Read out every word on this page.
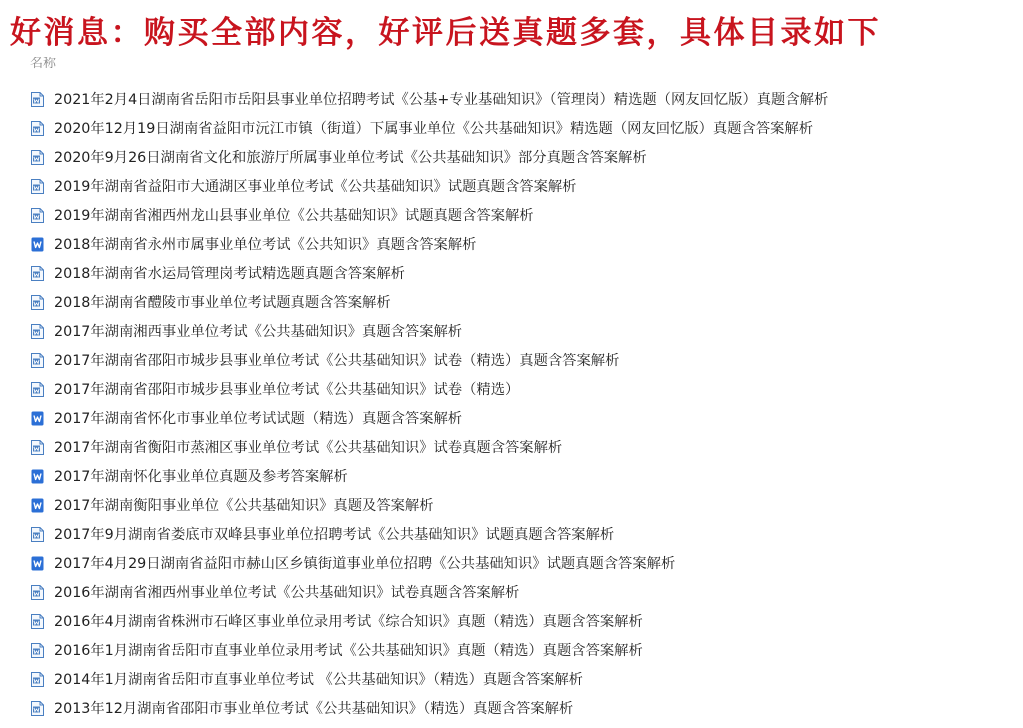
好消息：购买全部内容，好评后送真题多套，具体目录如下
名称
2021年2月4日湖南省岳阳市岳阳县事业单位招聘考试《公基+专业基础知识》（管理岗）精选题（网友回忆版）真题含解析
2020年12月19日湖南省益阳市沅江市镇（街道）下属事业单位《公共基础知识》精选题（网友回忆版）真题含答案解析
2020年9月26日湖南省文化和旅游厅所属事业单位考试《公共基础知识》部分真题含答案解析
2019年湖南省益阳市大通湖区事业单位考试《公共基础知识》试题真题含答案解析
2019年湖南省湘西州龙山县事业单位《公共基础知识》试题真题含答案解析
2018年湖南省永州市属事业单位考试《公共知识》真题含答案解析
2018年湖南省水运局管理岗考试精选题真题含答案解析
2018年湖南省醴陵市事业单位考试题真题含答案解析
2017年湖南湘西事业单位考试《公共基础知识》真题含答案解析
2017年湖南省邵阳市城步县事业单位考试《公共基础知识》试卷（精选）真题含答案解析
2017年湖南省邵阳市城步县事业单位考试《公共基础知识》试卷（精选）
2017年湖南省怀化市事业单位考试试题（精选）真题含答案解析
2017年湖南省衡阳市蒸湘区事业单位考试《公共基础知识》试卷真题含答案解析
2017年湖南怀化事业单位真题及参考答案解析
2017年湖南衡阳事业单位《公共基础知识》真题及答案解析
2017年9月湖南省娄底市双峰县事业单位招聘考试《公共基础知识》试题真题含答案解析
2017年4月29日湖南省益阳市赫山区乡镇街道事业单位招聘《公共基础知识》试题真题含答案解析
2016年湖南省湘西州事业单位考试《公共基础知识》试卷真题含答案解析
2016年4月湖南省株洲市石峰区事业单位录用考试《综合知识》真题（精选）真题含答案解析
2016年1月湖南省岳阳市直事业单位录用考试《公共基础知识》真题（精选）真题含答案解析
2014年1月湖南省岳阳市直事业单位考试 《公共基础知识》（精选）真题含答案解析
2013年12月湖南省邵阳市事业单位考试《公共基础知识》（精选）真题含答案解析
